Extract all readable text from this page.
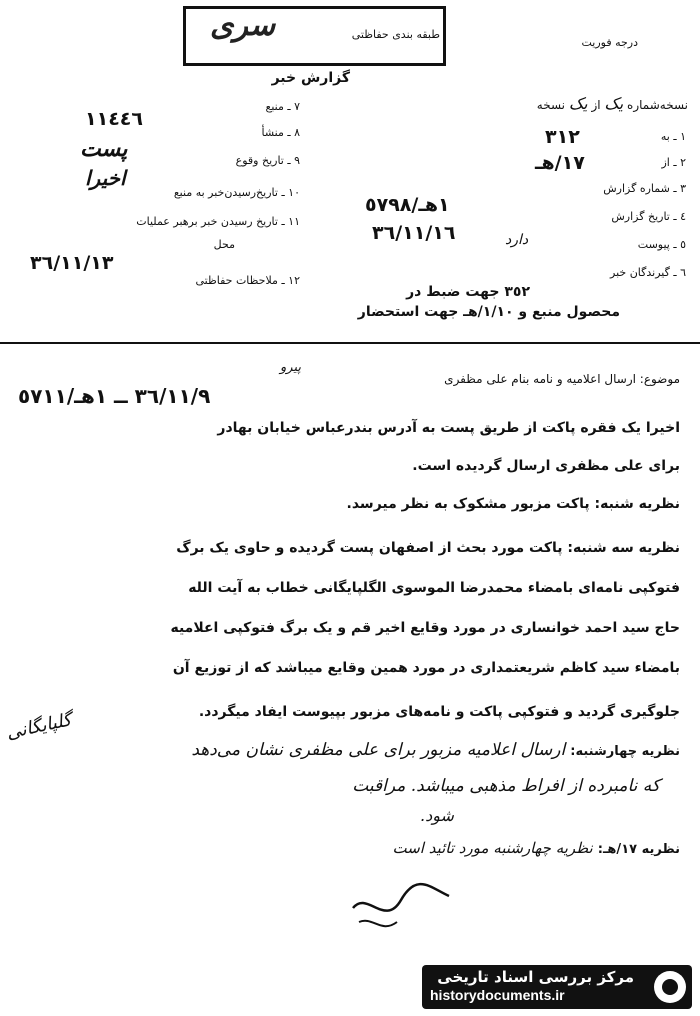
سری	طبقه بندی حفاظتی
درجه فوریت
گزارش خبر
٧ ـ منبع
١١٤٤٦
٨ ـ منشأ
پست	٩ ـ تاریخ وقوع
اخیرا
١٠ ـ تاریخ‌رسیدن‌خبر به منبع
١١ ـ تاریخ رسیدن خبر برهبر عملیات
محل
٣٦/١١/١٣
١٢ ـ ملاحظات حفاظتی
نسخه‌شماره یک از یک نسخه
١ ـ به
٣١٢
٢ ـ از
١٧/هـ
٣ ـ شماره گزارش
١هـ/٥٧٩٨
٤ ـ تاریخ گزارش
٣٦/١١/١٦
٥ ـ پیوست
دارد
٦ ـ گیرندگان خبر
٣٥٢ جهت ضبط در
محصول منبع و ١/١٠/هـ جهت استحضار
موضوع: ارسال اعلامیه و نامه بنام علی مظفری
پیرو
٣٦/١١/٩ ــ ١هـ/٥٧١١
اخیرا یک فقره پاکت از طریق پست به آدرس بندرعباس خیابان بهادر
برای علی مظفری ارسال گردیده است.
نظریه شنبه: پاکت مزبور مشکوک به نظر میرسد.
نظریه سه شنبه: پاکت مورد بحث از اصفهان پست گردیده و حاوی یک برگ
فتوکپی نامه‌ای بامضاء محمدرضا الموسوی الگلپایگانی خطاب به آیت الله
حاج سید احمد خوانساری در مورد وقایع اخیر قم و یک برگ فتوکپی اعلامیه
بامضاء سید کاظم شریعتمداری در مورد همین وقایع میباشد که از توزیع آن
جلوگیری گردید و فتوکپی پاکت و نامه‌های مزبور بپیوست ایفاد میگردد.
گلپایگانی
نظریه چهارشنبه: ارسال اعلامیه مزبور برای علی مظفری نشان می‌دهد
که نامبرده از افراط مذهبی میباشد. مراقبت
شود.
نظریه ١٧/هـ: نظریه چهارشنبه مورد تائید است
مرکز بررسی اسناد تاریخی
historydocuments.ir
